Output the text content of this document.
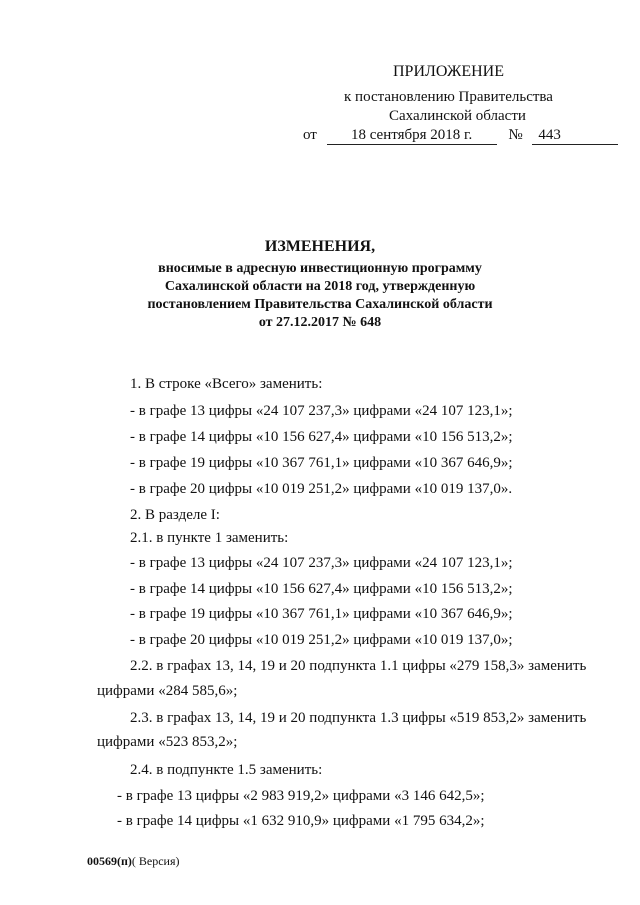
ПРИЛОЖЕНИЕ
к постановлению Правительства
Сахалинской области
от 18 сентября 2018 г. № 443
ИЗМЕНЕНИЯ,
вносимые в адресную инвестиционную программу
Сахалинской области на 2018 год, утвержденную
постановлением Правительства Сахалинской области
от 27.12.2017 № 648
1. В строке «Всего» заменить:
- в графе 13 цифры «24 107 237,3» цифрами «24 107 123,1»;
- в графе 14 цифры «10 156 627,4» цифрами «10 156 513,2»;
- в графе 19 цифры «10 367 761,1» цифрами «10 367 646,9»;
- в графе 20 цифры «10 019 251,2» цифрами «10 019 137,0».
2. В разделе I:
2.1. в пункте 1 заменить:
- в графе 13 цифры «24 107 237,3» цифрами «24 107 123,1»;
- в графе 14 цифры «10 156 627,4» цифрами «10 156 513,2»;
- в графе 19 цифры «10 367 761,1» цифрами «10 367 646,9»;
- в графе 20 цифры «10 019 251,2» цифрами «10 019 137,0»;
2.2. в графах 13, 14, 19 и 20 подпункта 1.1 цифры «279 158,3» заменить
цифрами «284 585,6»;
2.3. в графах 13, 14, 19 и 20 подпункта 1.3 цифры «519 853,2» заменить
цифрами «523 853,2»;
2.4. в подпункте 1.5 заменить:
- в графе 13 цифры «2 983 919,2» цифрами «3 146 642,5»;
- в графе 14 цифры «1 632 910,9» цифрами «1 795 634,2»;
00569(п)( Версия)
